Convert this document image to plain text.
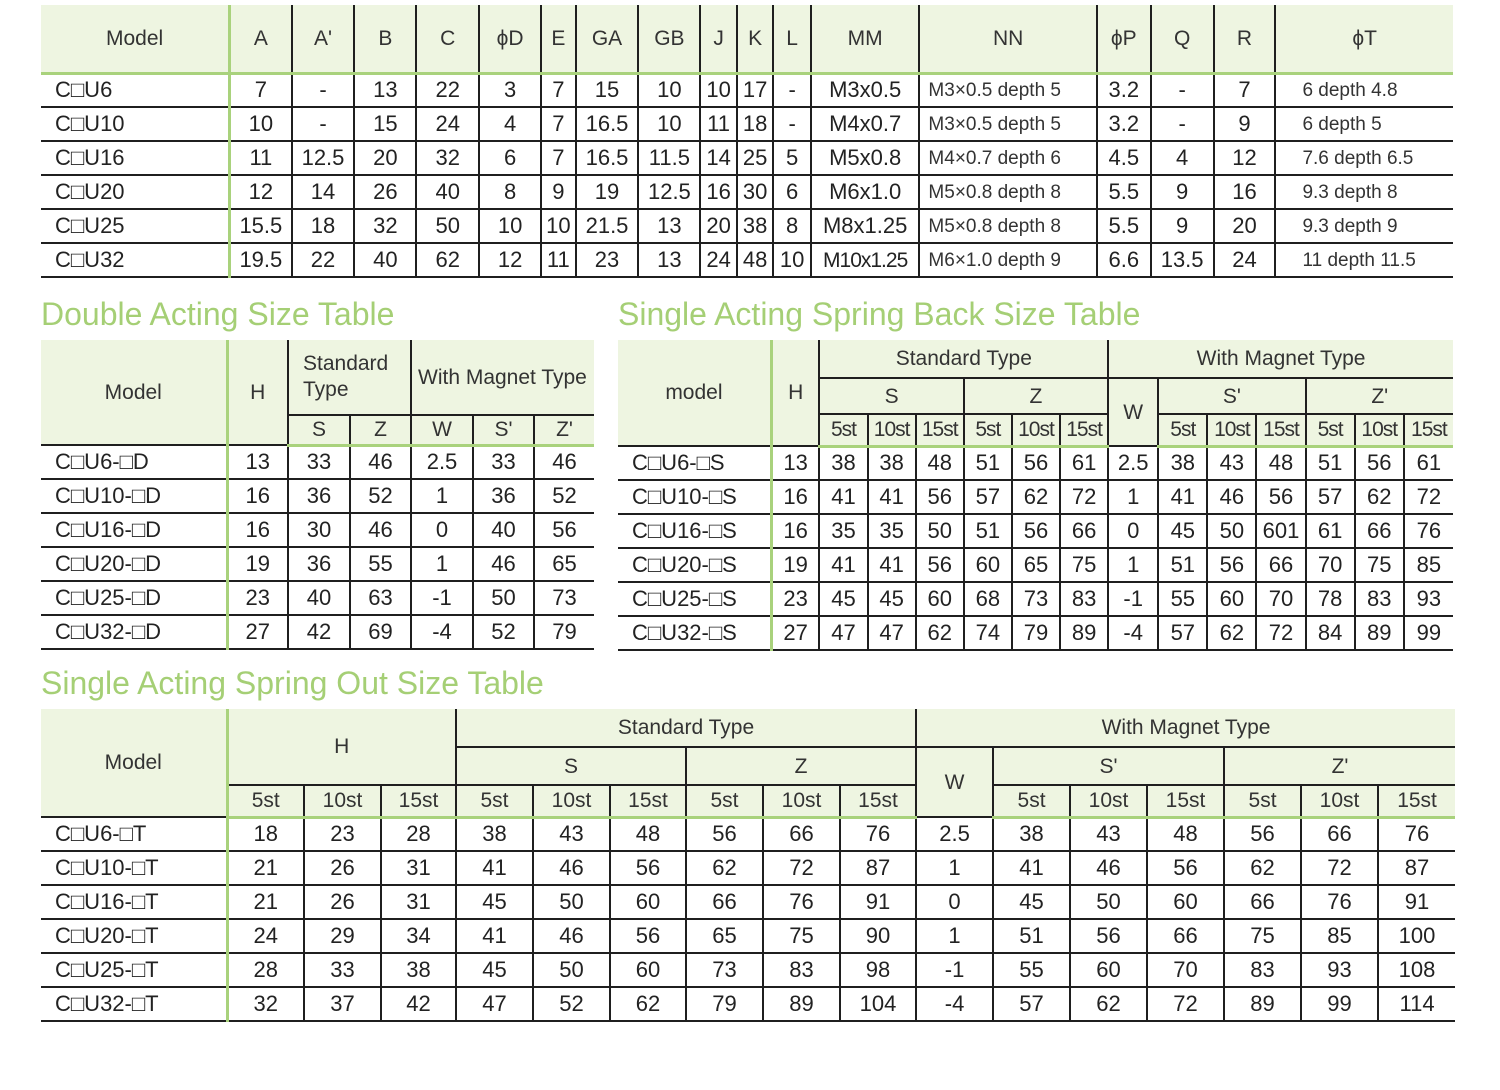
Model	A	A'	B	C	ϕD	E	GA	GB	J	K	L	MM	NN	ϕP	Q	R	ϕT
C□U6	7	-	13	22	3	7	15	10	10	17	-	M3x0.5	M3×0.5 depth 5	3.2	-	7	6 depth 4.8
C□U10	10	-	15	24	4	7	16.5	10	11	18	-	M4x0.7	M3×0.5 depth 5	3.2	-	9	6 depth 5
C□U16	11	12.5	20	32	6	7	16.5	11.5	14	25	5	M5x0.8	M4×0.7 depth 6	4.5	4	12	7.6 depth 6.5
C□U20	12	14	26	40	8	9	19	12.5	16	30	6	M6x1.0	M5×0.8 depth 8	5.5	9	16	9.3 depth 8
C□U25	15.5	18	32	50	10	10	21.5	13	20	38	8	M8x1.25	M5×0.8 depth 8	5.5	9	20	9.3 depth 9
C□U32	19.5	22	40	62	12	11	23	13	24	48	10	M10x1.25	M6×1.0 depth 9	6.6	13.5	24	11 depth 11.5
Double Acting Size Table
Model	H	Standard Type		With Magnet Type		
		S	Z	W	S'	Z'
C□U6-□D	13	33	46	2.5	33	46
C□U10-□D	16	36	52	1	36	52
C□U16-□D	16	30	46	0	40	56
C□U20-□D	19	36	55	1	46	65
C□U25-□D	23	40	63	-1	50	73
C□U32-□D	27	42	69	-4	52	79
Single Acting Spring Back Size Table
model	H	Standard Type						With Magnet Type						
		S			Z			W	S'			Z'		
		5st	10st	15st	5st	10st	15st		5st	10st	15st	5st	10st	15st
C□U6-□S	13	38	38	48	51	56	61	2.5	38	43	48	51	56	61
C□U10-□S	16	41	41	56	57	62	72	1	41	46	56	57	62	72
C□U16-□S	16	35	35	50	51	56	66	0	45	50	601	61	66	76
C□U20-□S	19	41	41	56	60	65	75	1	51	56	66	70	75	85
C□U25-□S	23	45	45	60	68	73	83	-1	55	60	70	78	83	93
C□U32-□S	27	47	47	62	74	79	89	-4	57	62	72	84	89	99
Single Acting Spring Out Size Table
Model	H			Standard Type						With Magnet Type						
				S			Z			W	S'			Z'		
	5st	10st	15st	5st	10st	15st	5st	10st	15st		5st	10st	15st	5st	10st	15st
C□U6-□T	18	23	28	38	43	48	56	66	76	2.5	38	43	48	56	66	76
C□U10-□T	21	26	31	41	46	56	62	72	87	1	41	46	56	62	72	87
C□U16-□T	21	26	31	45	50	60	66	76	91	0	45	50	60	66	76	91
C□U20-□T	24	29	34	41	46	56	65	75	90	1	51	56	66	75	85	100
C□U25-□T	28	33	38	45	50	60	73	83	98	-1	55	60	70	83	93	108
C□U32-□T	32	37	42	47	52	62	79	89	104	-4	57	62	72	89	99	114
